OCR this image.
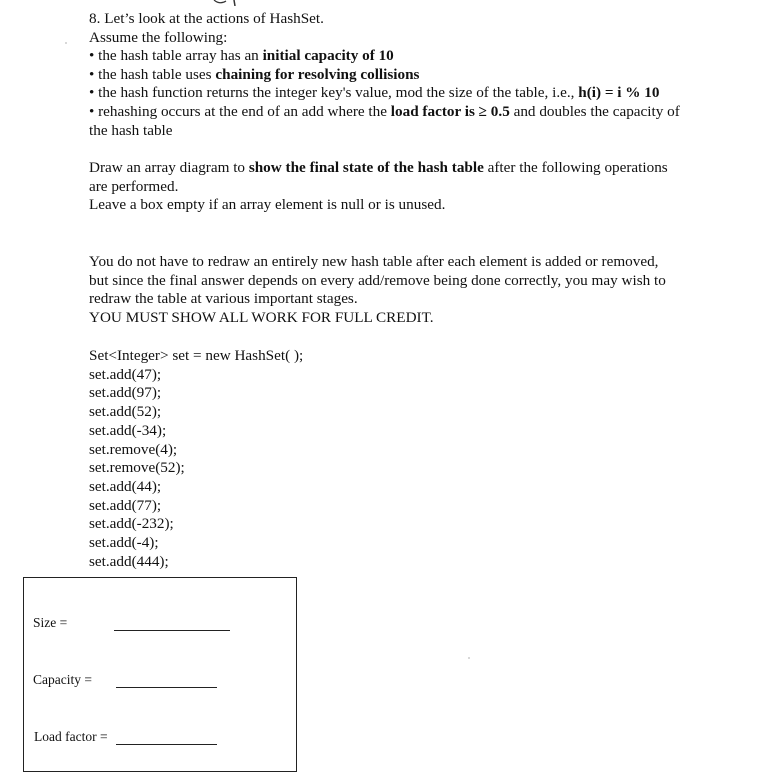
8. Let’s look at the actions of HashSet.
Assume the following:
• the hash table array has an initial capacity of 10
• the hash table uses chaining for resolving collisions
• the hash function returns the integer key's value, mod the size of the table, i.e., h(i) = i % 10
• rehashing occurs at the end of an add where the load factor is ≥ 0.5 and doubles the capacity of
the hash table
Draw an array diagram to show the final state of the hash table after the following operations
are performed.
Leave a box empty if an array element is null or is unused.
You do not have to redraw an entirely new hash table after each element is added or removed,
but since the final answer depends on every add/remove being done correctly, you may wish to
redraw the table at various important stages.
YOU MUST SHOW ALL WORK FOR FULL CREDIT.
Set<Integer> set = new HashSet( );
set.add(47);
set.add(97);
set.add(52);
set.add(-34);
set.remove(4);
set.remove(52);
set.add(44);
set.add(77);
set.add(-232);
set.add(-4);
set.add(444);
Size =
Capacity =
Load factor =
